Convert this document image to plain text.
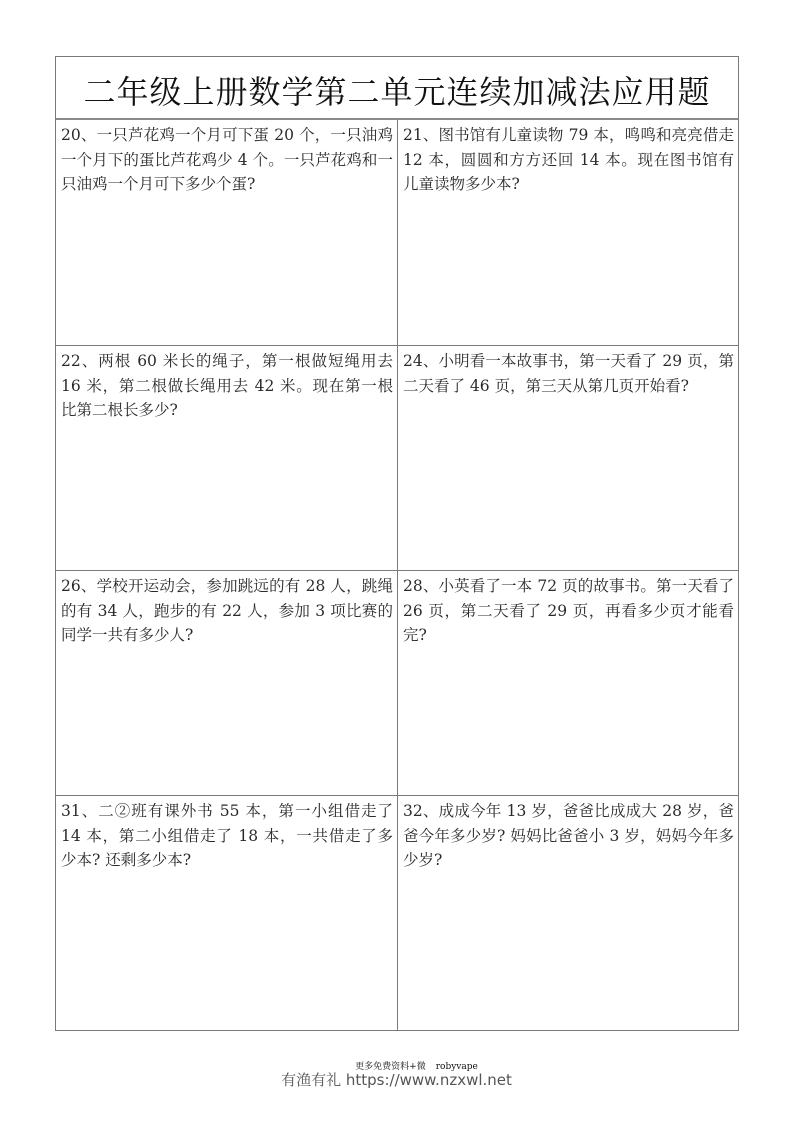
二年级上册数学第二单元连续加减法应用题
20、一只芦花鸡一个月可下蛋 20 个，一只油鸡一个月下的蛋比芦花鸡少 4 个。一只芦花鸡和一只油鸡一个月可下多少个蛋?
21、图书馆有儿童读物 79 本，鸣鸣和亮亮借走 12 本，圆圆和方方还回 14 本。现在图书馆有儿童读物多少本?
22、两根 60 米长的绳子，第一根做短绳用去 16 米，第二根做长绳用去 42 米。现在第一根比第二根长多少?
24、小明看一本故事书，第一天看了 29 页，第二天看了 46 页，第三天从第几页开始看?
26、学校开运动会，参加跳远的有 28 人，跳绳的有 34 人，跑步的有 22 人，参加 3 项比赛的同学一共有多少人?
28、小英看了一本 72 页的故事书。第一天看了 26 页，第二天看了 29 页，再看多少页才能看完?
31、二②班有课外书 55 本，第一小组借走了 14 本，第二小组借走了 18 本，一共借走了多少本? 还剩多少本?
32、成成今年 13 岁，爸爸比成成大 28 岁，爸爸今年多少岁? 妈妈比爸爸小 3 岁，妈妈今年多少岁?
更多免费资料+微 robyvape
有渔有礼 https://www.nzxwl.net
